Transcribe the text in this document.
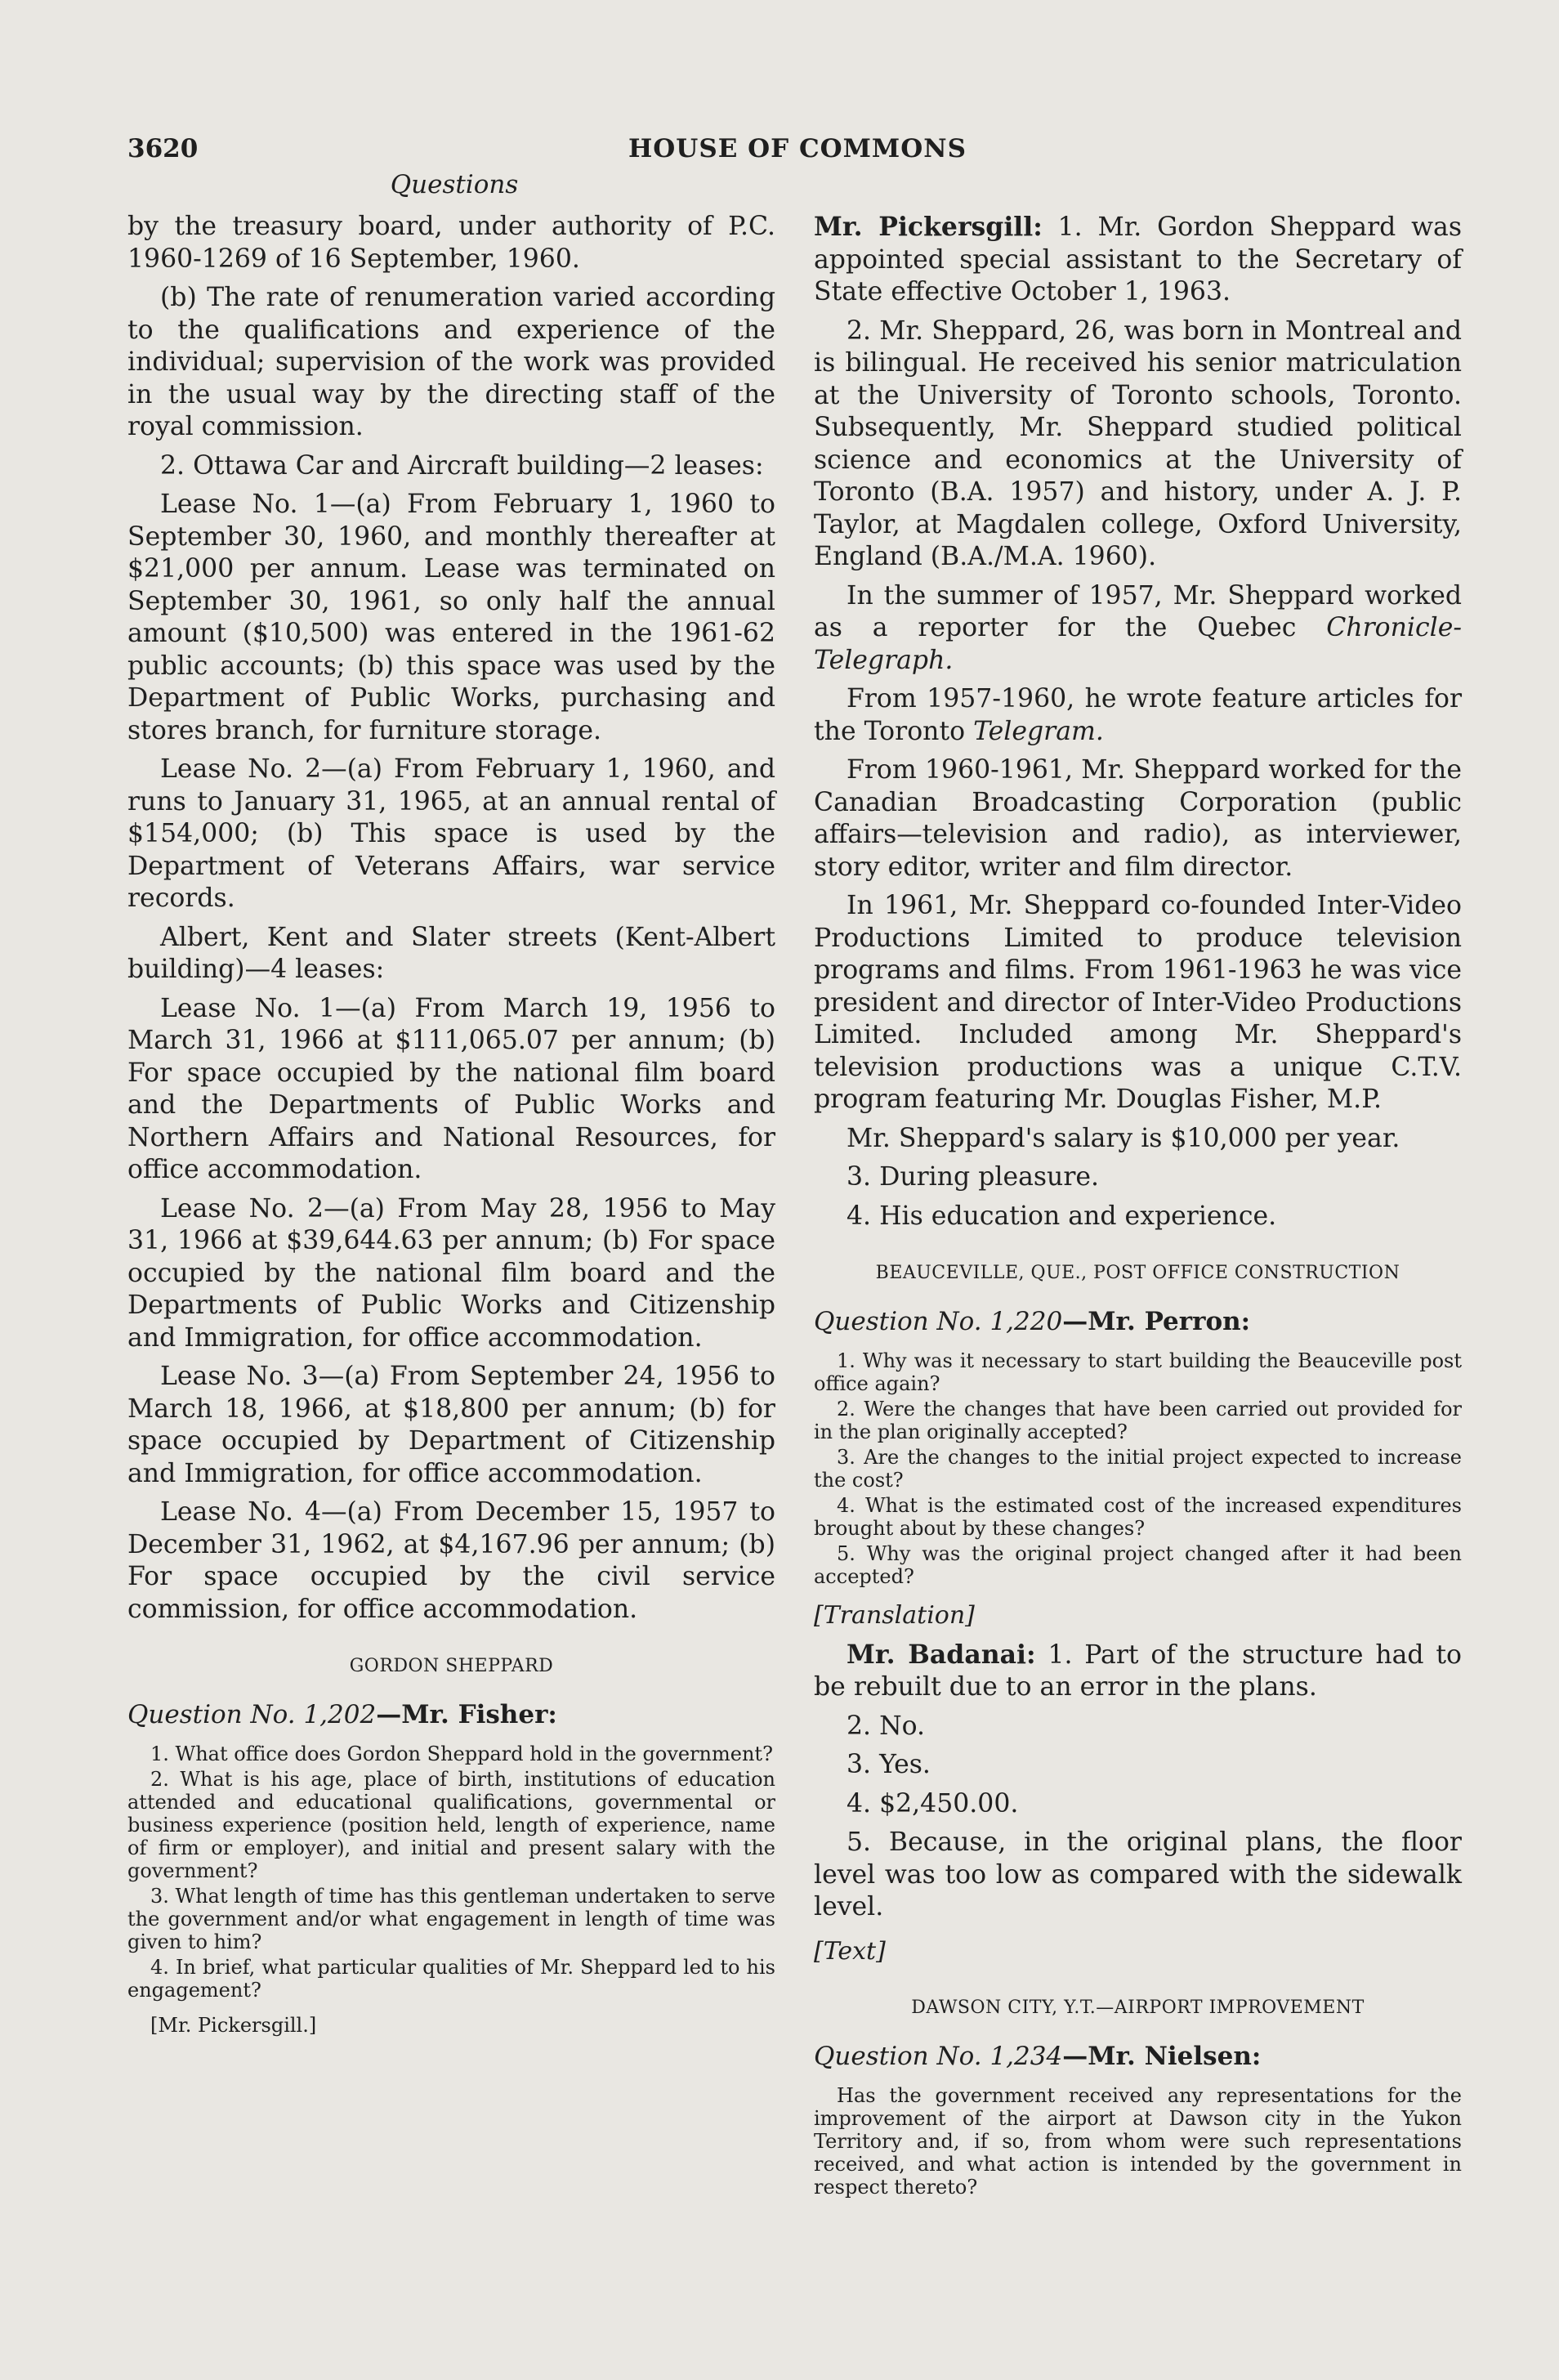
3620	HOUSE OF COMMONS
Questions

by the treasury board, under authority of P.C. 1960-1269 of 16 September, 1960.

(b) The rate of renumeration varied according to the qualifications and experience of the individual; supervision of the work was provided in the usual way by the directing staff of the royal commission.

2. Ottawa Car and Aircraft building—2 leases:

Lease No. 1—(a) From February 1, 1960 to September 30, 1960, and monthly thereafter at $21,000 per annum. Lease was terminated on September 30, 1961, so only half the annual amount ($10,500) was entered in the 1961-62 public accounts; (b) this space was used by the Department of Public Works, purchasing and stores branch, for furniture storage.

Lease No. 2—(a) From February 1, 1960, and runs to January 31, 1965, at an annual rental of $154,000; (b) This space is used by the Department of Veterans Affairs, war service records.

Albert, Kent and Slater streets (Kent-Albert building)—4 leases:

Lease No. 1—(a) From March 19, 1956 to March 31, 1966 at $111,065.07 per annum; (b) For space occupied by the national film board and the Departments of Public Works and Northern Affairs and National Resources, for office accommodation.

Lease No. 2—(a) From May 28, 1956 to May 31, 1966 at $39,644.63 per annum; (b) For space occupied by the national film board and the Departments of Public Works and Citizenship and Immigration, for office accommodation.

Lease No. 3—(a) From September 24, 1956 to March 18, 1966, at $18,800 per annum; (b) for space occupied by Department of Citizenship and Immigration, for office accommodation.

Lease No. 4—(a) From December 15, 1957 to December 31, 1962, at $4,167.96 per annum; (b) For space occupied by the civil service commission, for office accommodation.

GORDON SHEPPARD

Question No. 1,202—Mr. Fisher:

1. What office does Gordon Sheppard hold in the government?

2. What is his age, place of birth, institutions of education attended and educational qualifications, governmental or business experience (position held, length of experience, name of firm or employer), and initial and present salary with the government?

3. What length of time has this gentleman undertaken to serve the government and/or what engagement in length of time was given to him?

4. In brief, what particular qualities of Mr. Sheppard led to his engagement?

[Mr. Pickersgill.]

Mr. Pickersgill: 1. Mr. Gordon Sheppard was appointed special assistant to the Secretary of State effective October 1, 1963.

2. Mr. Sheppard, 26, was born in Montreal and is bilingual. He received his senior matriculation at the University of Toronto schools, Toronto. Subsequently, Mr. Sheppard studied political science and economics at the University of Toronto (B.A. 1957) and history, under A. J. P. Taylor, at Magdalen college, Oxford University, England (B.A./M.A. 1960).

In the summer of 1957, Mr. Sheppard worked as a reporter for the Quebec Chronicle-Telegraph.

From 1957-1960, he wrote feature articles for the Toronto Telegram.

From 1960-1961, Mr. Sheppard worked for the Canadian Broadcasting Corporation (public affairs—television and radio), as interviewer, story editor, writer and film director.

In 1961, Mr. Sheppard co-founded Inter-Video Productions Limited to produce television programs and films. From 1961-1963 he was vice president and director of Inter-Video Productions Limited. Included among Mr. Sheppard's television productions was a unique C.T.V. program featuring Mr. Douglas Fisher, M.P.

Mr. Sheppard's salary is $10,000 per year.

3. During pleasure.

4. His education and experience.

BEAUCEVILLE, QUE., POST OFFICE CONSTRUCTION

Question No. 1,220—Mr. Perron:

1. Why was it necessary to start building the Beauceville post office again?

2. Were the changes that have been carried out provided for in the plan originally accepted?

3. Are the changes to the initial project expected to increase the cost?

4. What is the estimated cost of the increased expenditures brought about by these changes?

5. Why was the original project changed after it had been accepted?

[Translation]

Mr. Badanai: 1. Part of the structure had to be rebuilt due to an error in the plans.

2. No.

3. Yes.

4. $2,450.00.

5. Because, in the original plans, the floor level was too low as compared with the sidewalk level.

[Text]

DAWSON CITY, Y.T.—AIRPORT IMPROVEMENT

Question No. 1,234—Mr. Nielsen:

Has the government received any representations for the improvement of the airport at Dawson city in the Yukon Territory and, if so, from whom were such representations received, and what action is intended by the government in respect thereto?
